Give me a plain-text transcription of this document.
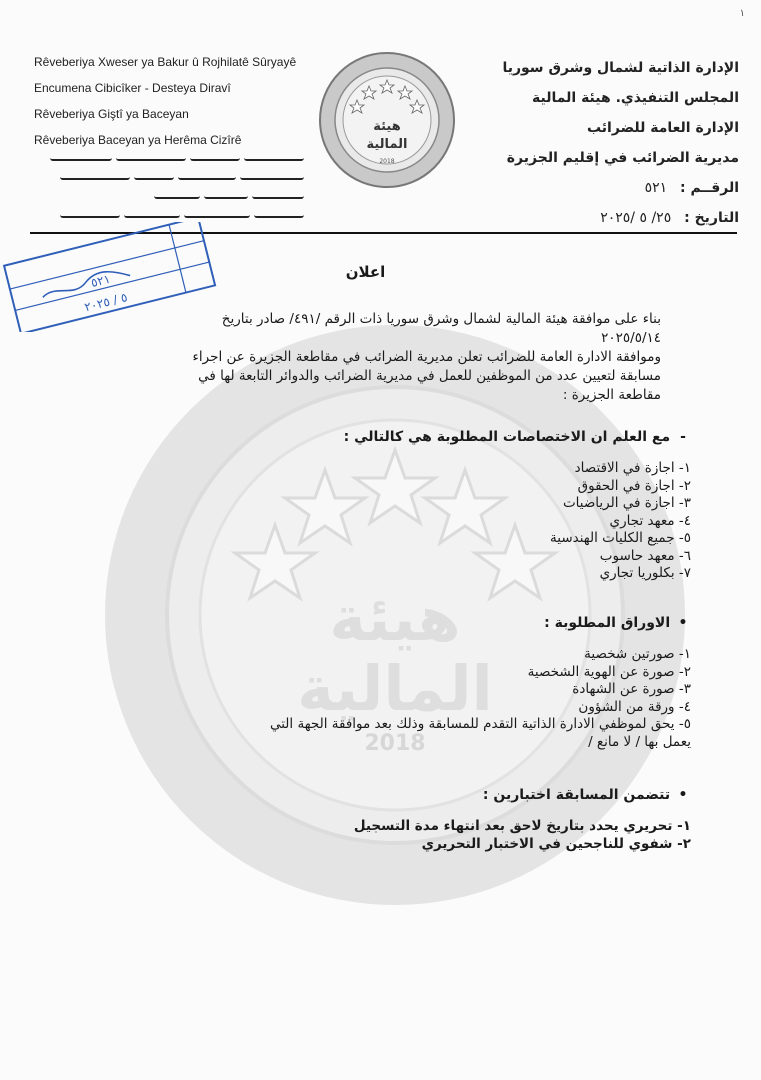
١
Rêveberiya Xweser ya Bakur û Rojhilatê Sûryayê
Encumena Cibicîker - Desteya Diravî
Rêveberiya Giştî ya Baceyan
Rêveberiya Baceyan ya Herêma Cizîrê
هيئة
المالية
2018
الإدارة الذاتية لشمال وشرق سوريا
المجلس التنفيذي. هيئة المالية
الإدارة العامة للضرائب
مديرية الضرائب في إقليم الجزيرة
الرقــم : ٥٢١
التاريخ : ٢٥/ ٥ /٢٠٢٥
٥٢١
٥ / ٢٠٢٥
هيئة
المالية
2018
اعلان

بناء على موافقة هيئة المالية لشمال وشرق سوريا ذات الرقم /٤٩١/ صادر بتاريخ

٢٠٢٥/٥/١٤

وموافقة الادارة العامة للضرائب تعلن مديرية الضرائب في مقاطعة الجزيرة عن اجراء

مسابقة لتعيين عدد من الموظفين للعمل في مديرية الضرائب والدوائر التابعة لها في

مقاطعة الجزيرة :

- مع العلم ان الاختصاصات المطلوبة هي كالتالي :
١- اجازة في الاقتصاد
٢- اجازة في الحقوق
٣- اجازة في الرياضيات
٤- معهد تجاري
٥- جميع الكليات الهندسية
٦- معهد حاسوب
٧- بكلوريا تجاري
• الاوراق المطلوبة :
١- صورتين شخصية
٢- صورة عن الهوية الشخصية
٣- صورة عن الشهادة
٤- ورقة من الشؤون
٥- يحق لموظفي الادارة الذاتية التقدم للمسابقة وذلك بعد موافقة الجهة التي
يعمل بها / لا مانع /
• تتضمن المسابقة اختبارين :
١- تحريري يحدد بتاريخ لاحق بعد انتهاء مدة التسجيل
٢- شفوي للناجحين في الاختبار التحريري
